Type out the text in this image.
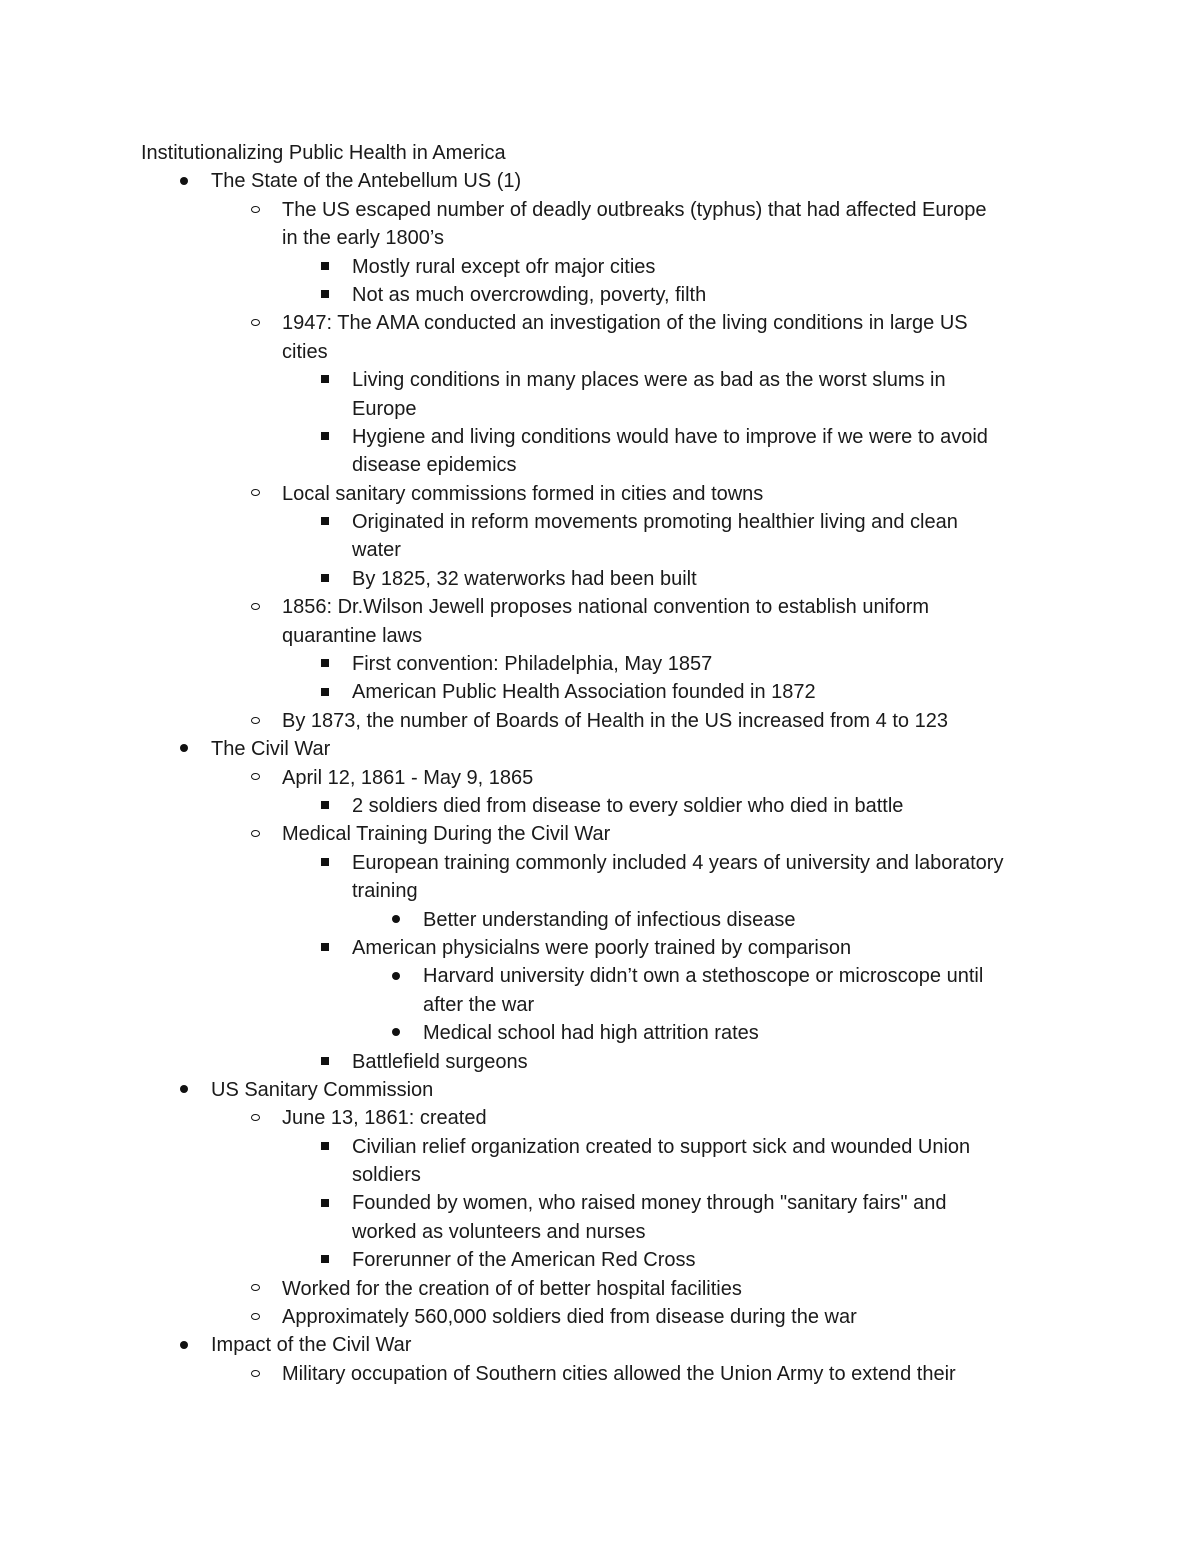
Institutionalizing Public Health in America
The State of the Antebellum US (1)
The US escaped number of deadly outbreaks (typhus) that had affected Europe
in the early 1800’s
Mostly rural except ofr major cities
Not as much overcrowding, poverty, filth
1947: The AMA conducted an investigation of the living conditions in large US
cities
Living conditions in many places were as bad as the worst slums in
Europe
Hygiene and living conditions would have to improve if we were to avoid
disease epidemics
Local sanitary commissions formed in cities and towns
Originated in reform movements promoting healthier living and clean
water
By 1825, 32 waterworks had been built
1856: Dr.Wilson Jewell proposes national convention to establish uniform
quarantine laws
First convention: Philadelphia, May 1857
American Public Health Association founded in 1872
By 1873, the number of Boards of Health in the US increased from 4 to 123
The Civil War
April 12, 1861 - May 9, 1865
2 soldiers died from disease to every soldier who died in battle
Medical Training During the Civil War
European training commonly included 4 years of university and laboratory
training
Better understanding of infectious disease
American physicialns were poorly trained by comparison
Harvard university didn’t own a stethoscope or microscope until
after the war
Medical school had high attrition rates
Battlefield surgeons
US Sanitary Commission
June 13, 1861: created
Civilian relief organization created to support sick and wounded Union
soldiers
Founded by women, who raised money through "sanitary fairs" and
worked as volunteers and nurses
Forerunner of the American Red Cross
Worked for the creation of of better hospital facilities
Approximately 560,000 soldiers died from disease during the war
Impact of the Civil War
Military occupation of Southern cities allowed the Union Army to extend their
